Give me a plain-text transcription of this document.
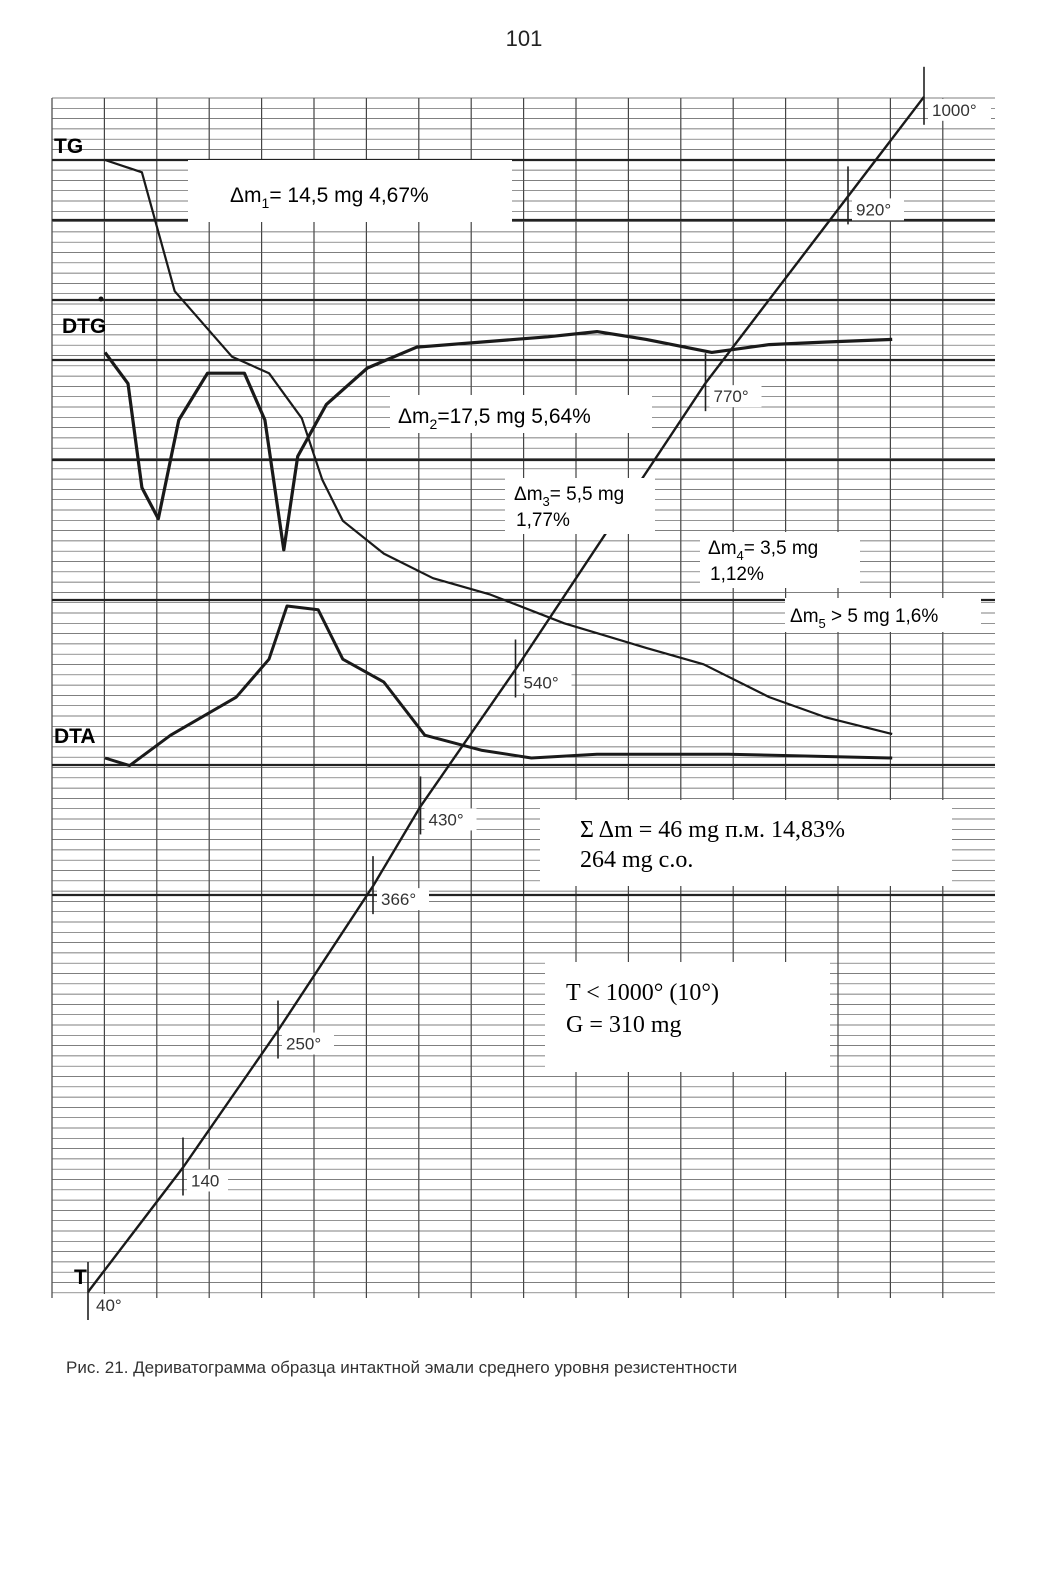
101
TG
DTG
DTA
T
$\Delta m_1= 14,5$ mg 4,67%
$\Delta m_2=17,5$ mg 5,64%
$\Delta m_3= 5,5$ mg
1,77%
$\Delta m_4= 3,5$ mg
1,12%
$\Delta m_5 > 5$ mg 1,6%
Σ Δm = 46 mg п.м. 14,83%
264 mg c.o.
T < 1000° (10°)
G = 310 mg
40°
140
250°
366°
430°
540°
770°
920°
1000°
Рис. 21. Дериватограмма образца интактной эмали среднего уровня резистентности
